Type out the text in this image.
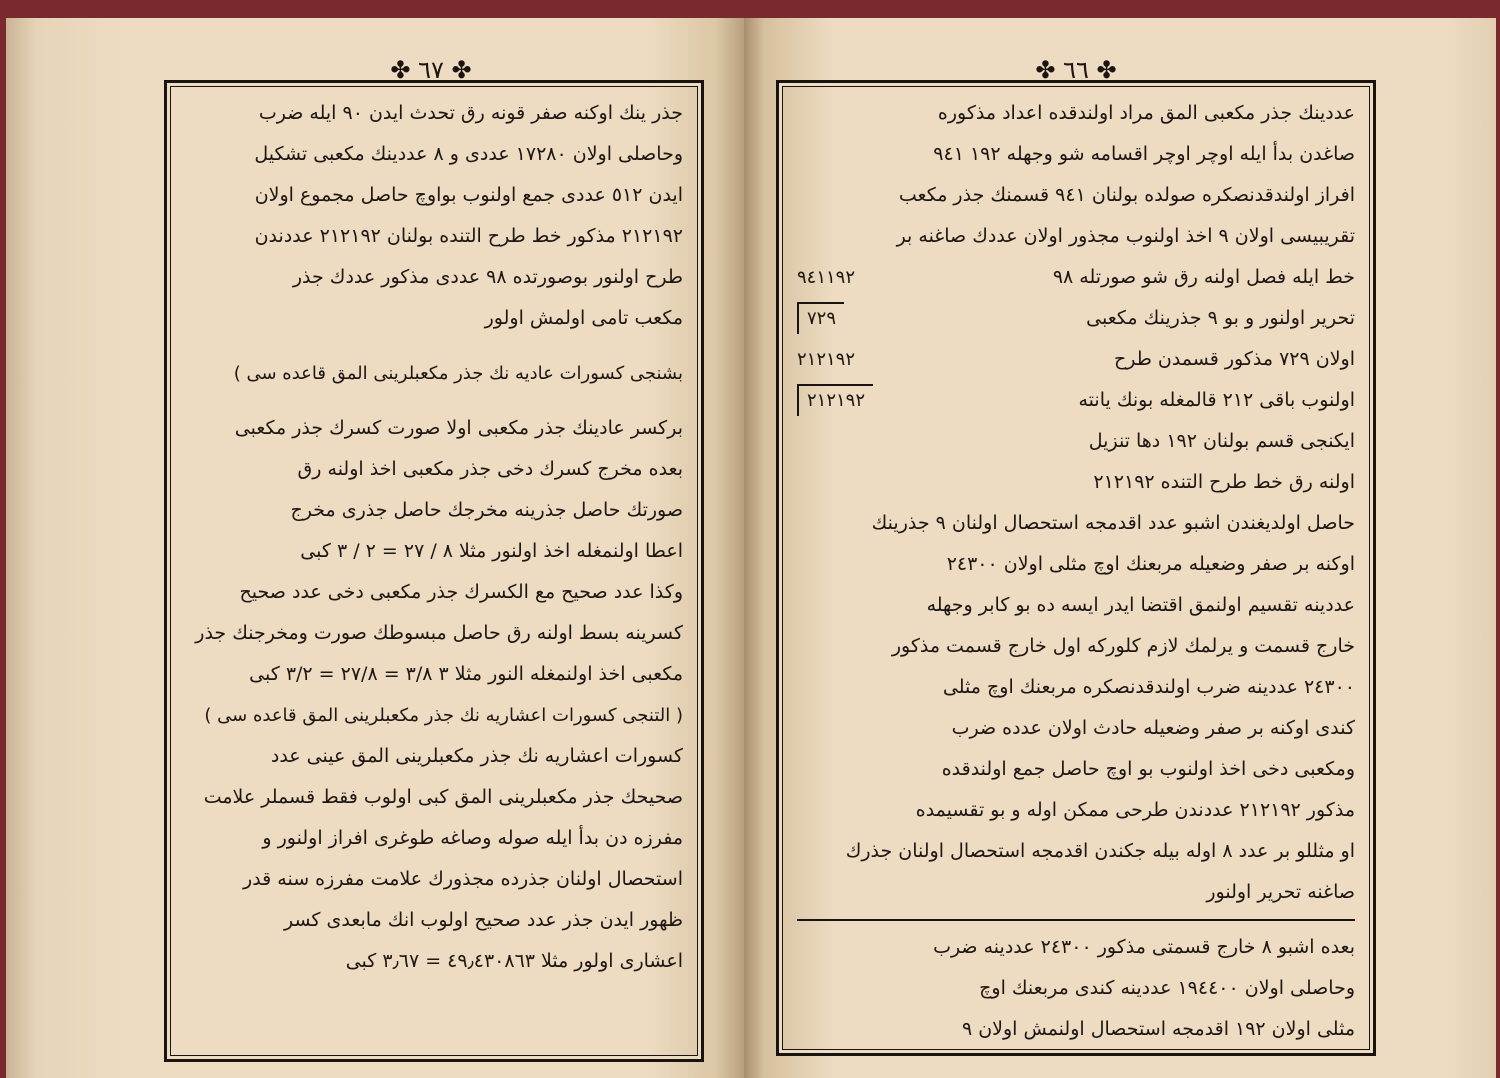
✤ ٦٧ ✤
جذر ينك اوكنه صفر قونه رق تحدث ايدن ٩٠ ايله ضرب
وحاصلی اولان ١٧٢٨٠ عددی و ٨ عددينك مكعبی تشكيل
ايدن ٥١٢ عددی جمع اولنوب بواوچ حاصل مجموع اولان
٢١٢١٩٢ مذكور خط طرح التنده بولنان ٢١٢١٩٢ عددندن
طرح اولنور بوصورتده ٩٨ عددی مذكور عددك جذر
مكعب تامی اولمش اولور
بشنجی كسورات عاديه نك جذر مكعبلرينی المق قاعده سی )
بركسر عادينك جذر مكعبی اولا صورت كسرك جذر مكعبی
بعده مخرج كسرك دخی جذر مكعبی اخذ اولنه رق
صورتك حاصل جذرينه مخرجك حاصل جذری مخرج
اعطا اولنمغله اخذ اولنور مثلا ٨ / ٢٧ = ٢ / ٣ كبی
وكذا عدد صحيح مع الكسرك جذر مكعبی دخی عدد صحيح
كسرينه بسط اولنه رق حاصل مبسوطك صورت ومخرجنك جذر
مكعبی اخذ اولنمغله النور مثلا ٣ ٣/٨ = ٢٧/٨ = ٣/٢ كبی
( التنجی كسورات اعشاريه نك جذر مكعبلرينی المق قاعده سی )
كسورات اعشاريه نك جذر مكعبلرينی المق عينی عدد
صحيحك جذر مكعبلرينی المق كبی اولوب فقط قسملر علامت
مفرزه دن بدأ ايله صوله وصاغه طوغری افراز اولنور و
استحصال اولنان جذرده مجذورك علامت مفرزه سنه قدر
ظهور ايدن جذر عدد صحيح اولوب انك مابعدی كسر
اعشاری اولور مثلا ٤٩٫٤٣٠٨٦٣ = ٣٫٦٧ كبی
✤ ٦٦ ✤
عددينك جذر مكعبی المق مراد اولندقده اعداد مذكوره
صاغدن بدأ ايله اوچر اوچر اقسامه شو وجهله ١٩٢ ٩٤١
افراز اولندقدنصكره صولده بولنان ٩٤١ قسمنك جذر مكعب
تقريبيسی اولان ٩ اخذ اولنوب مجذور اولان عددك صاغنه بر
خط ايله فصل اولنه رق شو صورتله ٩٨
٩٤١١٩٢
تحرير اولنور و بو ٩ جذرينك مكعبی
٧٢٩
اولان ٧٢٩ مذكور قسمدن طرح
٢١٢١٩٢
اولنوب باقی ٢١٢ قالمغله بونك يانته
٢١٢١٩٢
ايكنجی قسم بولنان ١٩٢ دها تنزيل
اولنه رق خط طرح التنده ٢١٢١٩٢
حاصل اولديغندن اشبو عدد اقدمجه استحصال اولنان ٩ جذرينك
اوكنه بر صفر وضعيله مربعنك اوچ مثلی اولان ٢٤٣٠٠
عددينه تقسيم اولنمق اقتضا ايدر ايسه ده بو كابر وجهله
خارج قسمت و يرلمك لازم كلوركه اول خارج قسمت مذكور
٢٤٣٠٠ عددينه ضرب اولندقدنصكره مربعنك اوچ مثلی
كندی اوكنه بر صفر وضعيله حادث اولان عدده ضرب
ومكعبی دخی اخذ اولنوب بو اوچ حاصل جمع اولندقده
مذكور ٢١٢١٩٢ عددندن طرحی ممكن اوله و بو تقسيمده
او مثللو بر عدد ٨ اوله بيله جكندن اقدمجه استحصال اولنان جذرك
صاغنه تحرير اولنور
بعده اشبو ٨ خارج قسمتی مذكور ٢٤٣٠٠ عددينه ضرب
وحاصلی اولان ١٩٤٤٠٠ عددينه كندی مربعنك اوچ
مثلی اولان ١٩٢ اقدمجه استحصال اولنمش اولان ٩
